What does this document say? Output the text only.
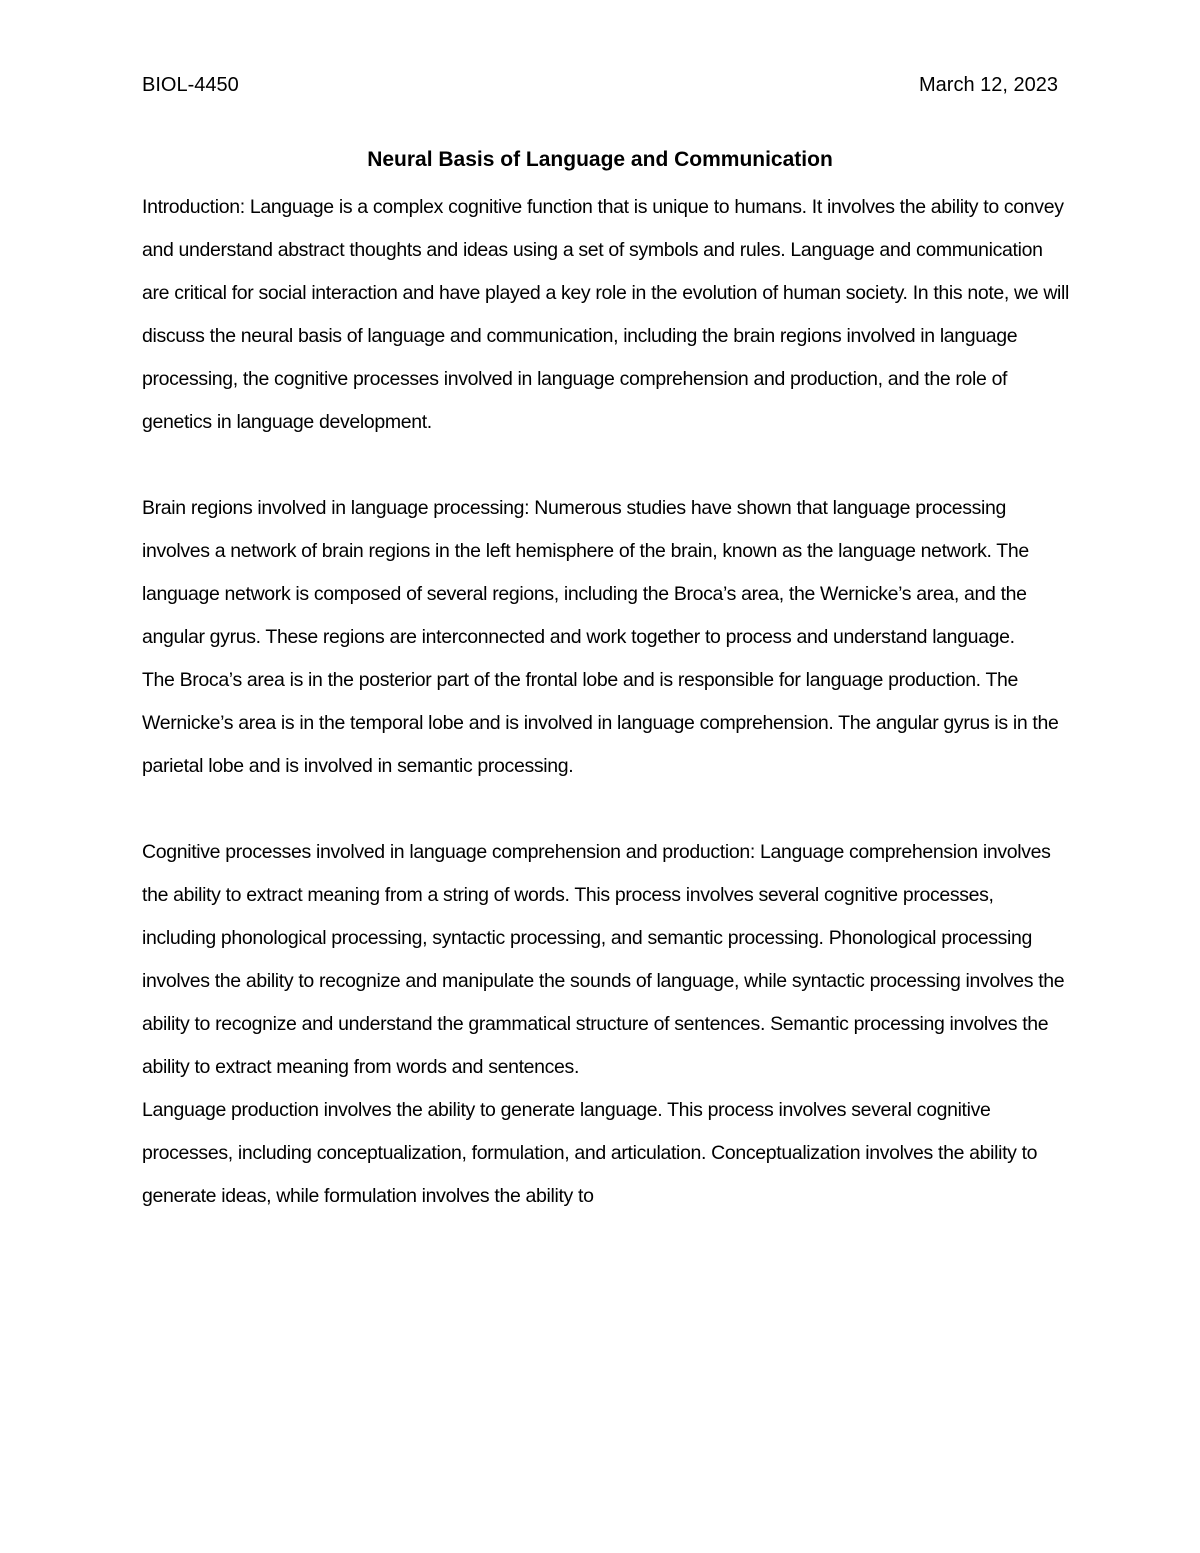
BIOL-4450	March 12, 2023
Neural Basis of Language and Communication

Introduction: Language is a complex cognitive function that is unique to humans. It involves the ability to convey and understand abstract thoughts and ideas using a set of symbols and rules. Language and communication are critical for social interaction and have played a key role in the evolution of human society. In this note, we will discuss the neural basis of language and communication, including the brain regions involved in language processing, the cognitive processes involved in language comprehension and production, and the role of genetics in language development.

Brain regions involved in language processing: Numerous studies have shown that language processing involves a network of brain regions in the left hemisphere of the brain, known as the language network. The language network is composed of several regions, including the Broca’s area, the Wernicke’s area, and the angular gyrus. These regions are interconnected and work together to process and understand language.

The Broca’s area is in the posterior part of the frontal lobe and is responsible for language production. The Wernicke’s area is in the temporal lobe and is involved in language comprehension. The angular gyrus is in the parietal lobe and is involved in semantic processing.

Cognitive processes involved in language comprehension and production: Language comprehension involves the ability to extract meaning from a string of words. This process involves several cognitive processes, including phonological processing, syntactic processing, and semantic processing. Phonological processing involves the ability to recognize and manipulate the sounds of language, while syntactic processing involves the ability to recognize and understand the grammatical structure of sentences. Semantic processing involves the ability to extract meaning from words and sentences.

Language production involves the ability to generate language. This process involves several cognitive processes, including conceptualization, formulation, and articulation. Conceptualization involves the ability to generate ideas, while formulation involves the ability to
